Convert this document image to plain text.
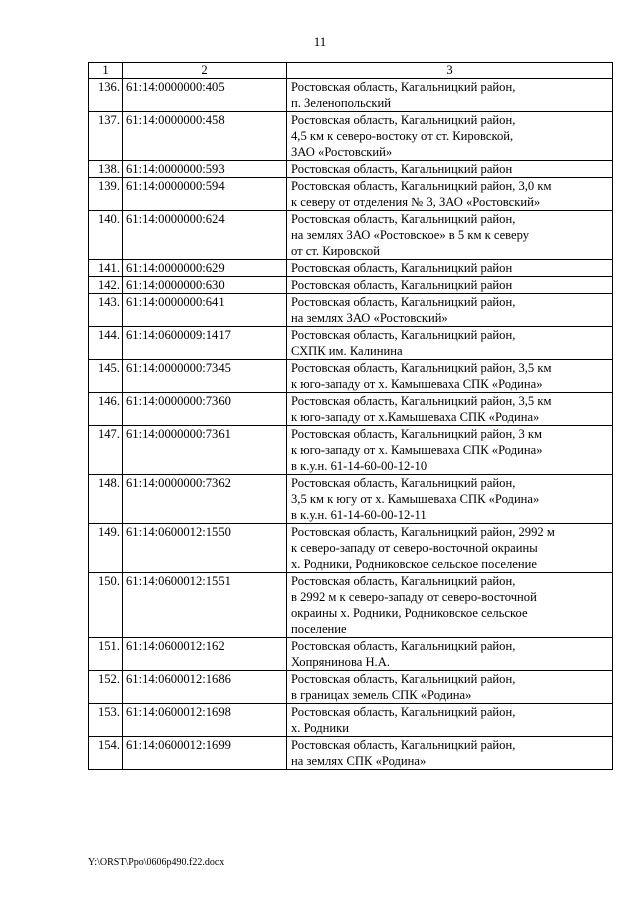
11
1	2	3
136.	61:14:0000000:405	Ростовская область, Кагальницкий район,
п. Зеленопольский

137.	61:14:0000000:458	Ростовская область, Кагальницкий район,
4,5 км к северо-востоку от ст. Кировской,
ЗАО «Ростовский»

138.	61:14:0000000:593	Ростовская область, Кагальницкий район

139.	61:14:0000000:594	Ростовская область, Кагальницкий район, 3,0 км
к северу от отделения № 3, ЗАО «Ростовский»

140.	61:14:0000000:624	Ростовская область, Кагальницкий район,
на землях ЗАО «Ростовское» в 5 км к северу
от ст. Кировской

141.	61:14:0000000:629	Ростовская область, Кагальницкий район

142.	61:14:0000000:630	Ростовская область, Кагальницкий район

143.	61:14:0000000:641	Ростовская область, Кагальницкий район,
на землях ЗАО «Ростовский»

144.	61:14:0600009:1417	Ростовская область, Кагальницкий район,
СХПК им. Калинина

145.	61:14:0000000:7345	Ростовская область, Кагальницкий район, 3,5 км
к юго-западу от х. Камышеваха СПК «Родина»

146.	61:14:0000000:7360	Ростовская область, Кагальницкий район, 3,5 км
к юго-западу от х.Камышеваха СПК «Родина»

147.	61:14:0000000:7361	Ростовская область, Кагальницкий район, 3 км
к юго-западу от х. Камышеваха СПК «Родина»
в к.у.н. 61-14-60-00-12-10

148.	61:14:0000000:7362	Ростовская область, Кагальницкий район,
3,5 км к югу от х. Камышеваха СПК «Родина»
в к.у.н. 61-14-60-00-12-11

149.	61:14:0600012:1550	Ростовская область, Кагальницкий район, 2992 м
к северо-западу от северо-восточной окраины
х. Родники, Родниковское сельское поселение

150.	61:14:0600012:1551	Ростовская область, Кагальницкий район,
в 2992 м к северо-западу от северо-восточной
окраины х. Родники, Родниковское сельское
поселение

151.	61:14:0600012:162	Ростовская область, Кагальницкий район,
Хопрянинова Н.А.

152.	61:14:0600012:1686	Ростовская область, Кагальницкий район,
в границах земель СПК «Родина»

153.	61:14:0600012:1698	Ростовская область, Кагальницкий район,
х. Родники

154.	61:14:0600012:1699	Ростовская область, Кагальницкий район,
на землях СПК «Родина»
Y:\ORST\Ppo\0606p490.f22.docx
